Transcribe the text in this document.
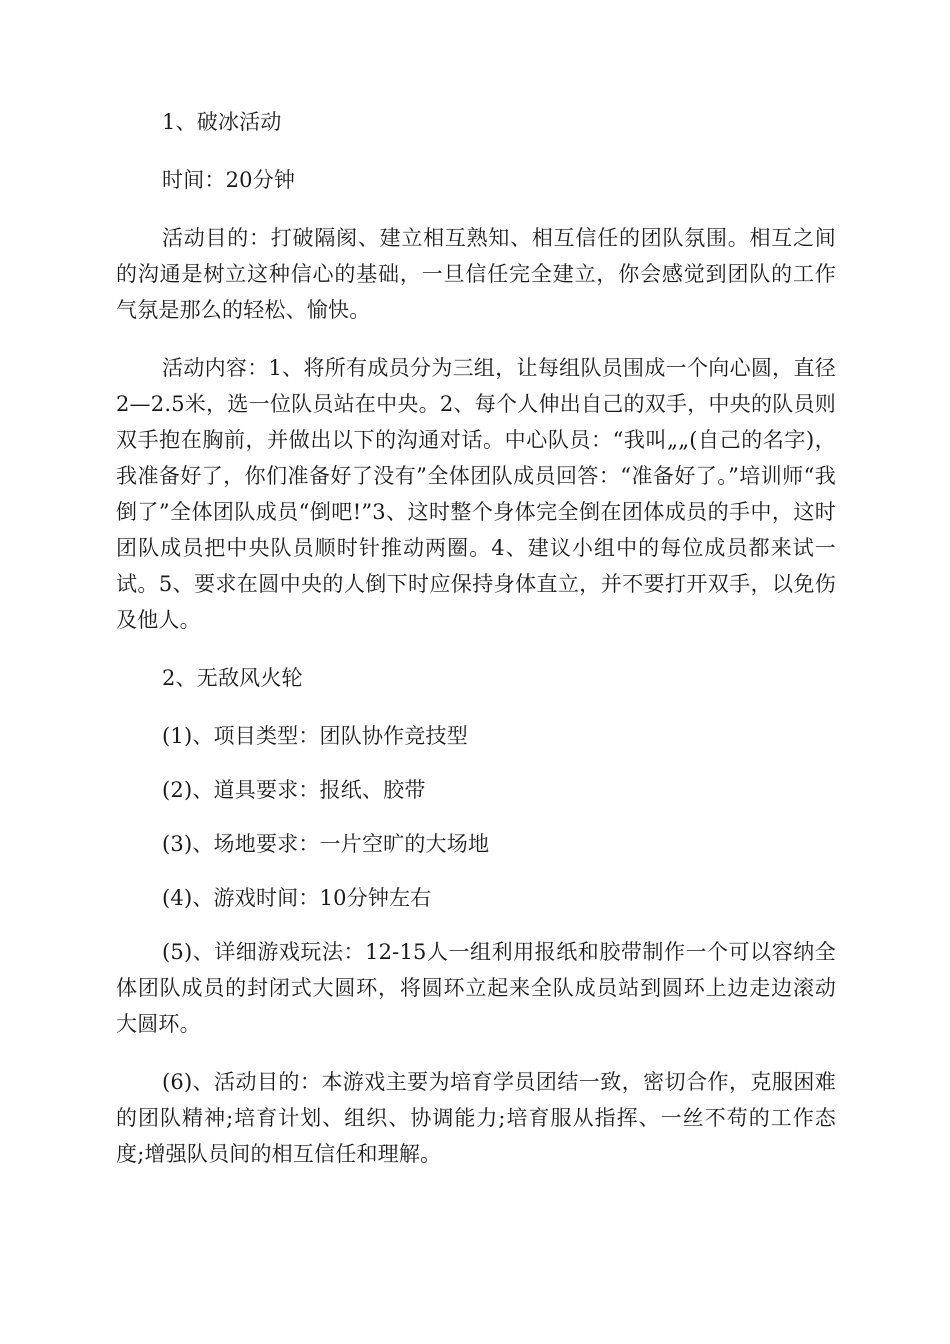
1、破冰活动

时间：20分钟

活动目的：打破隔阂、建立相互熟知、相互信任的团队氛围。相互之间的沟通是树立这种信心的基础，一旦信任完全建立，你会感觉到团队的工作气氛是那么的轻松、愉快。

活动内容：1、将所有成员分为三组，让每组队员围成一个向心圆，直径2—2.5米，选一位队员站在中央。2、每个人伸出自己的双手，中央的队员则双手抱在胸前，并做出以下的沟通对话。中心队员：“我叫„„(自己的名字)，我准备好了，你们准备好了没有”全体团队成员回答：“准备好了。”培训师“我倒了”全体团队成员“倒吧!”3、这时整个身体完全倒在团体成员的手中，这时团队成员把中央队员顺时针推动两圈。4、建议小组中的每位成员都来试一试。5、要求在圆中央的人倒下时应保持身体直立，并不要打开双手，以免伤及他人。

2、无敌风火轮

(1)、项目类型：团队协作竞技型

(2)、道具要求：报纸、胶带

(3)、场地要求：一片空旷的大场地

(4)、游戏时间：10分钟左右

(5)、详细游戏玩法：12-15人一组利用报纸和胶带制作一个可以容纳全体团队成员的封闭式大圆环，将圆环立起来全队成员站到圆环上边走边滚动大圆环。

(6)、活动目的：本游戏主要为培育学员团结一致，密切合作，克服困难的团队精神;培育计划、组织、协调能力;培育服从指挥、一丝不苟的工作态度;增强队员间的相互信任和理解。
